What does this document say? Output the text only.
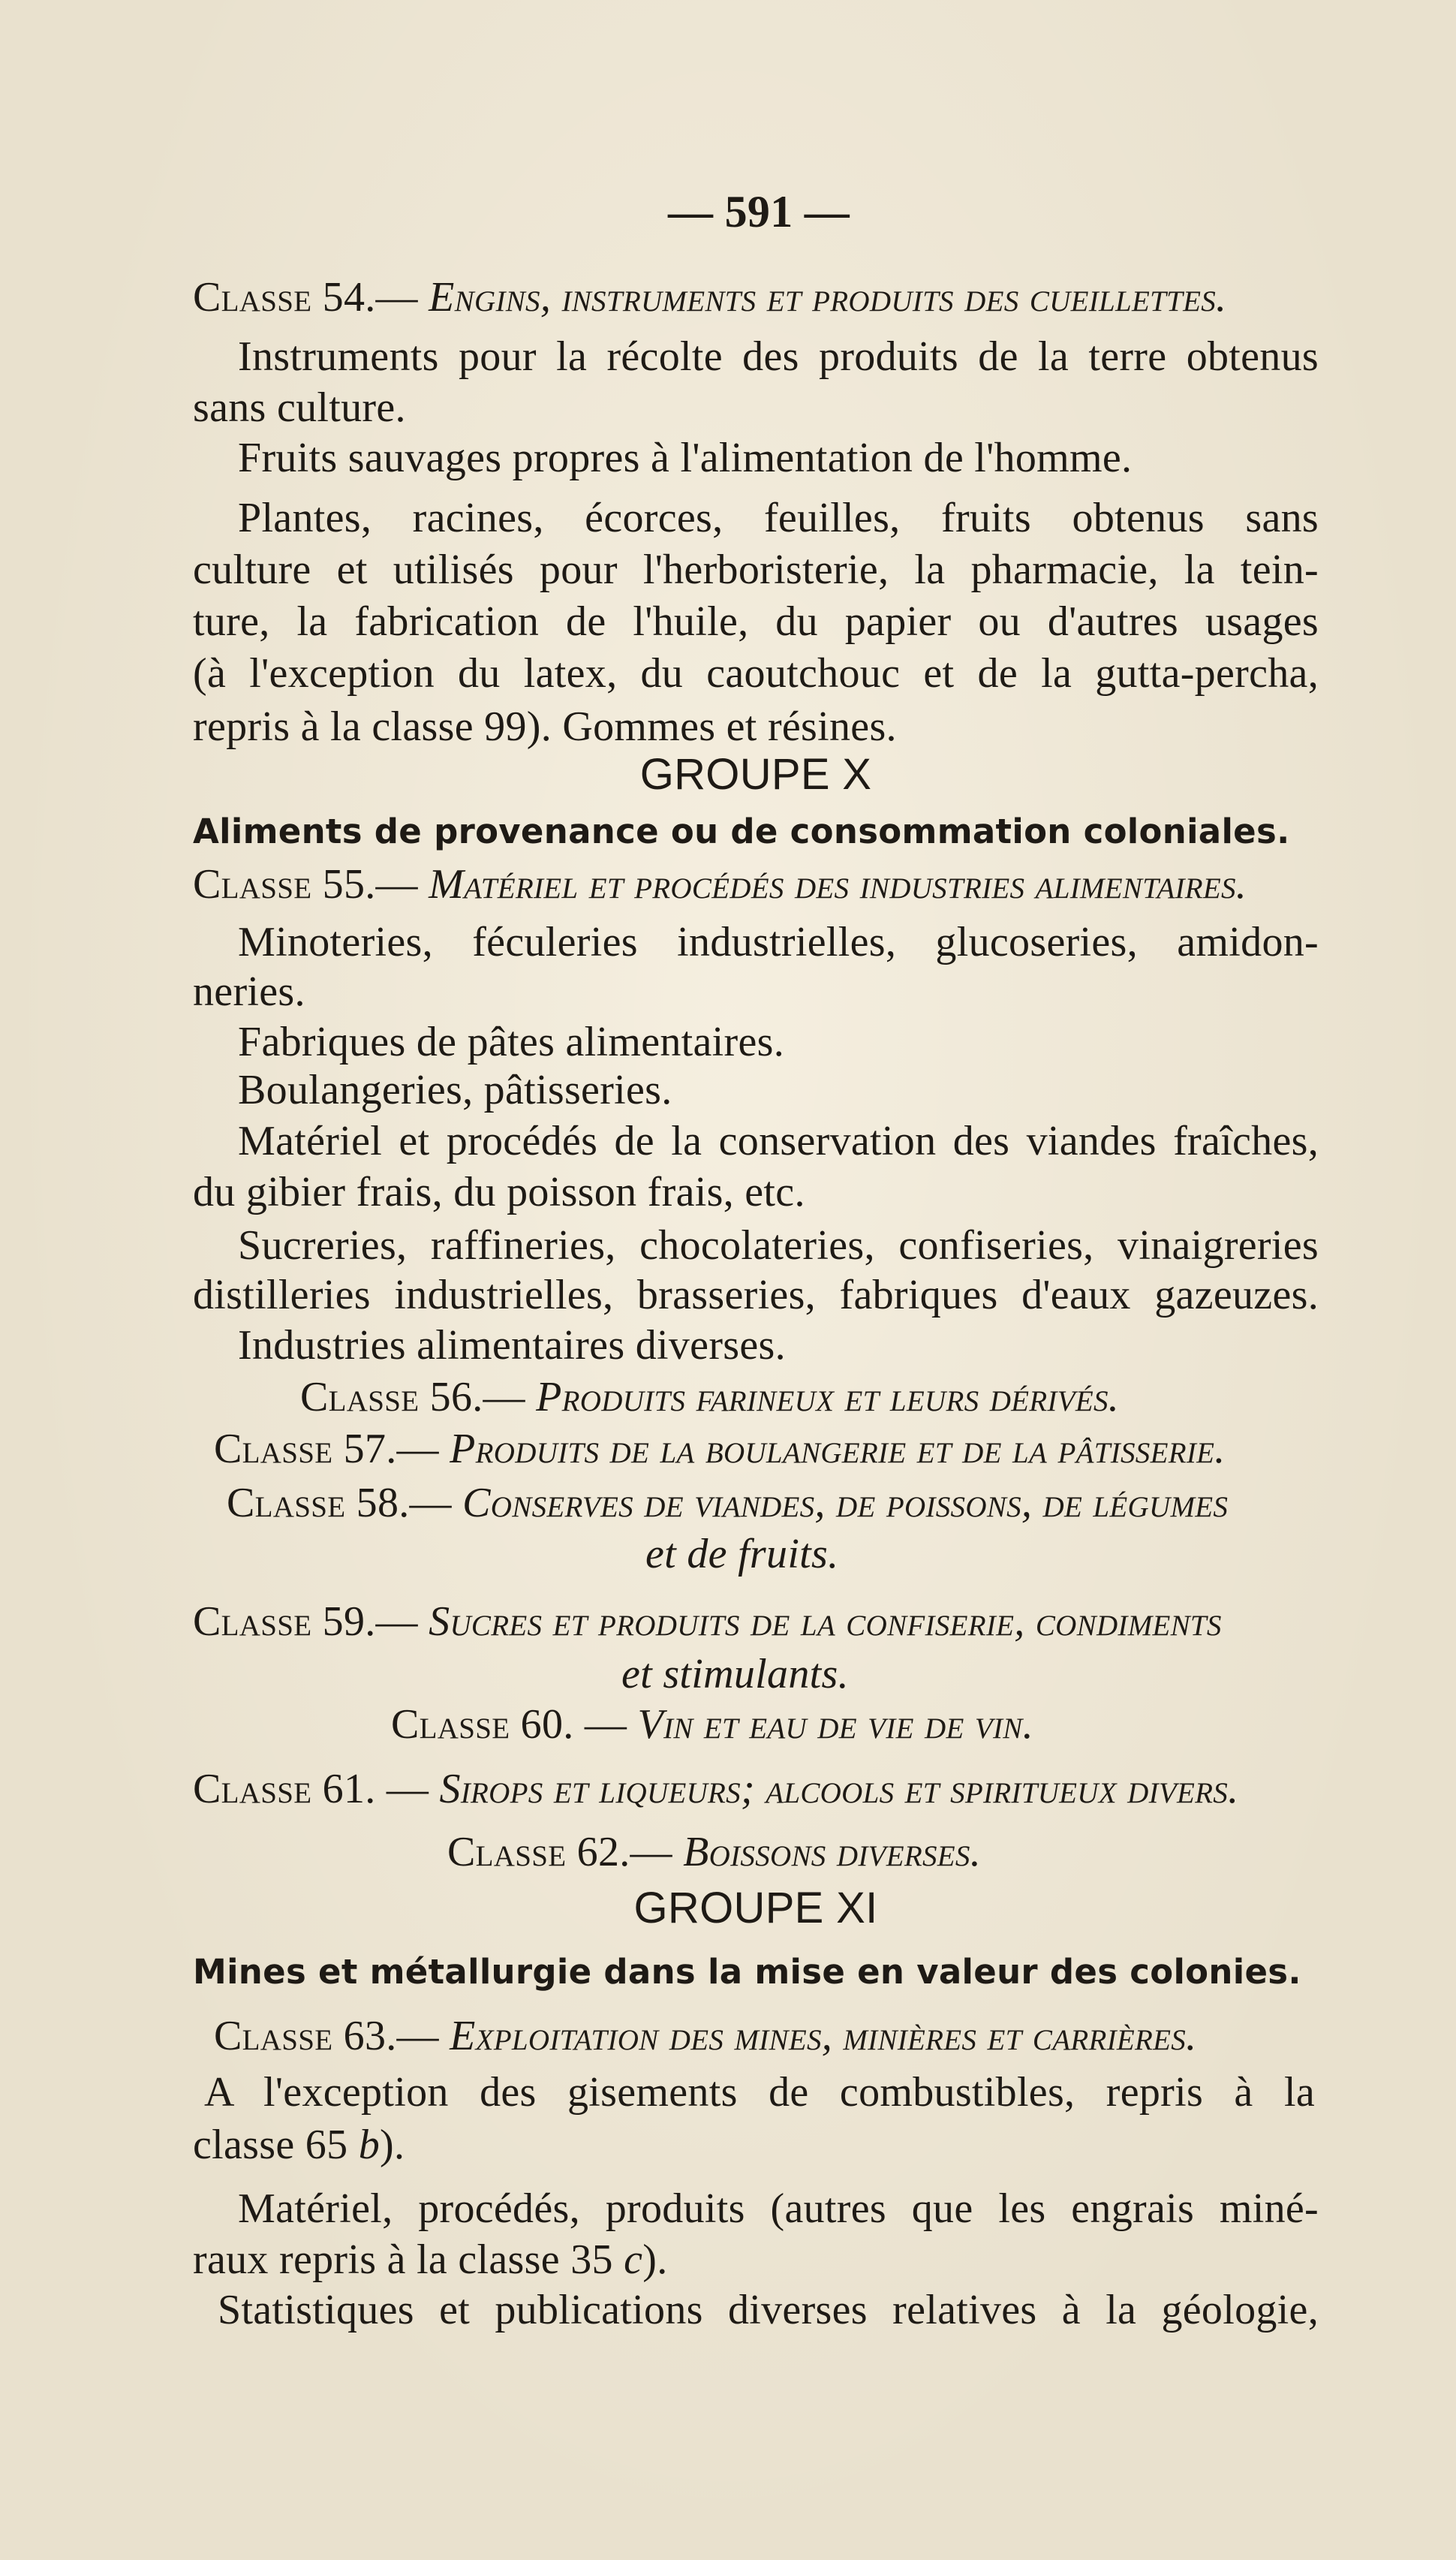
— 591 —
Classe 54.— Engins, instruments et produits des cueillettes.
Instruments pour la récolte des produits de la terre obtenus
sans culture.
Fruits sauvages propres à l'alimentation de l'homme.
Plantes, racines, écorces, feuilles, fruits obtenus sans
culture et utilisés pour l'herboristerie, la pharmacie, la tein-
ture, la fabrication de l'huile, du papier ou d'autres usages
(à l'exception du latex, du caoutchouc et de la gutta-percha,
repris à la classe 99). Gommes et résines.
GROUPE X
Aliments de provenance ou de consommation coloniales.
Classe 55.— Matériel et procédés des industries alimentaires.
Minoteries, féculeries industrielles, glucoseries, amidon-
neries.
Fabriques de pâtes alimentaires.
Boulangeries, pâtisseries.
Matériel et procédés de la conservation des viandes fraîches,
du gibier frais, du poisson frais, etc.
Sucreries, raffineries, chocolateries, confiseries, vinaigreries
distilleries industrielles, brasseries, fabriques d'eaux gazeuzes.
Industries alimentaires diverses.
Classe 56.— Produits farineux et leurs dérivés.
Classe 57.— Produits de la boulangerie et de la pâtisserie.
Classe 58.— Conserves de viandes, de poissons, de légumes
et de fruits.
Classe 59.— Sucres et produits de la confiserie, condiments
et stimulants.
Classe 60. — Vin et eau de vie de vin.
Classe 61. — Sirops et liqueurs; alcools et spiritueux divers.
Classe 62.— Boissons diverses.
GROUPE XI
Mines et métallurgie dans la mise en valeur des colonies.
Classe 63.— Exploitation des mines, minières et carrières.
A l'exception des gisements de combustibles, repris à la
classe 65 b).
Matériel, procédés, produits (autres que les engrais miné-
raux repris à la classe 35 c).
Statistiques et publications diverses relatives à la géologie,
